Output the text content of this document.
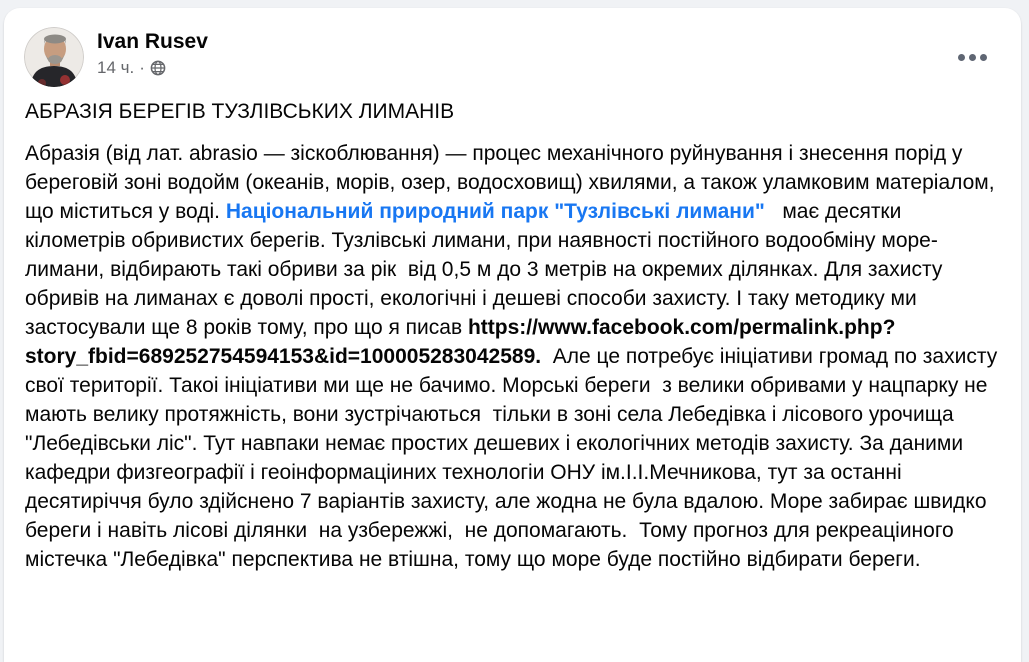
Ivan Rusev
14 ч. ·
АБРАЗІЯ БЕРЕГІВ ТУЗЛІВСЬКИХ ЛИМАНІВ

Абразія (від лат. abrasio — зіскоблювання) — процес механічного руйнування і знесення порід у береговій зоні водойм (океанів, морів, озер, водосховищ) хвилями, а також уламковим матеріалом, що міститься у воді. Національний природний парк "Тузлівські лимани"   має десятки кілометрів обривистих берегів. Тузлівські лимани, при наявності постійного водообміну море-лимани, відбирають такі обриви за рік  від 0,5 м до 3 метрів на окремих ділянках. Для захисту обривів на лиманах є доволі прості, екологічні і дешеві способи захисту. І таку методику ми застосували ще 8 років тому, про що я писав https://www.facebook.com/permalink.php?story_fbid=689252754594153&id=100005283042589.  Але це потребує ініціативи громад по захисту свої території. Такоі ініціативи ми ще не бачимо. Морські береги  з велики обривами у нацпарку не мають велику протяжність, вони зустрічаються  тільки в зоні села Лебедівка і лісового урочища "Лебедівськи ліс". Тут навпаки немає простих дешевих і екологічних методів захисту. За даними кафедри физгеографії і геоінформаціиних технологіи ОНУ ім.І.І.Мечникова, тут за останні десятиріччя було здійснено 7 варіантів захисту, але жодна не була вдалою. Море забирає швидко береги і навіть лісові ділянки  на узбережжі,  не допомагають.  Тому прогноз для рекреаціиного містечка "Лебедівка" перспектива не втішна, тому що море буде постійно відбирати береги.
